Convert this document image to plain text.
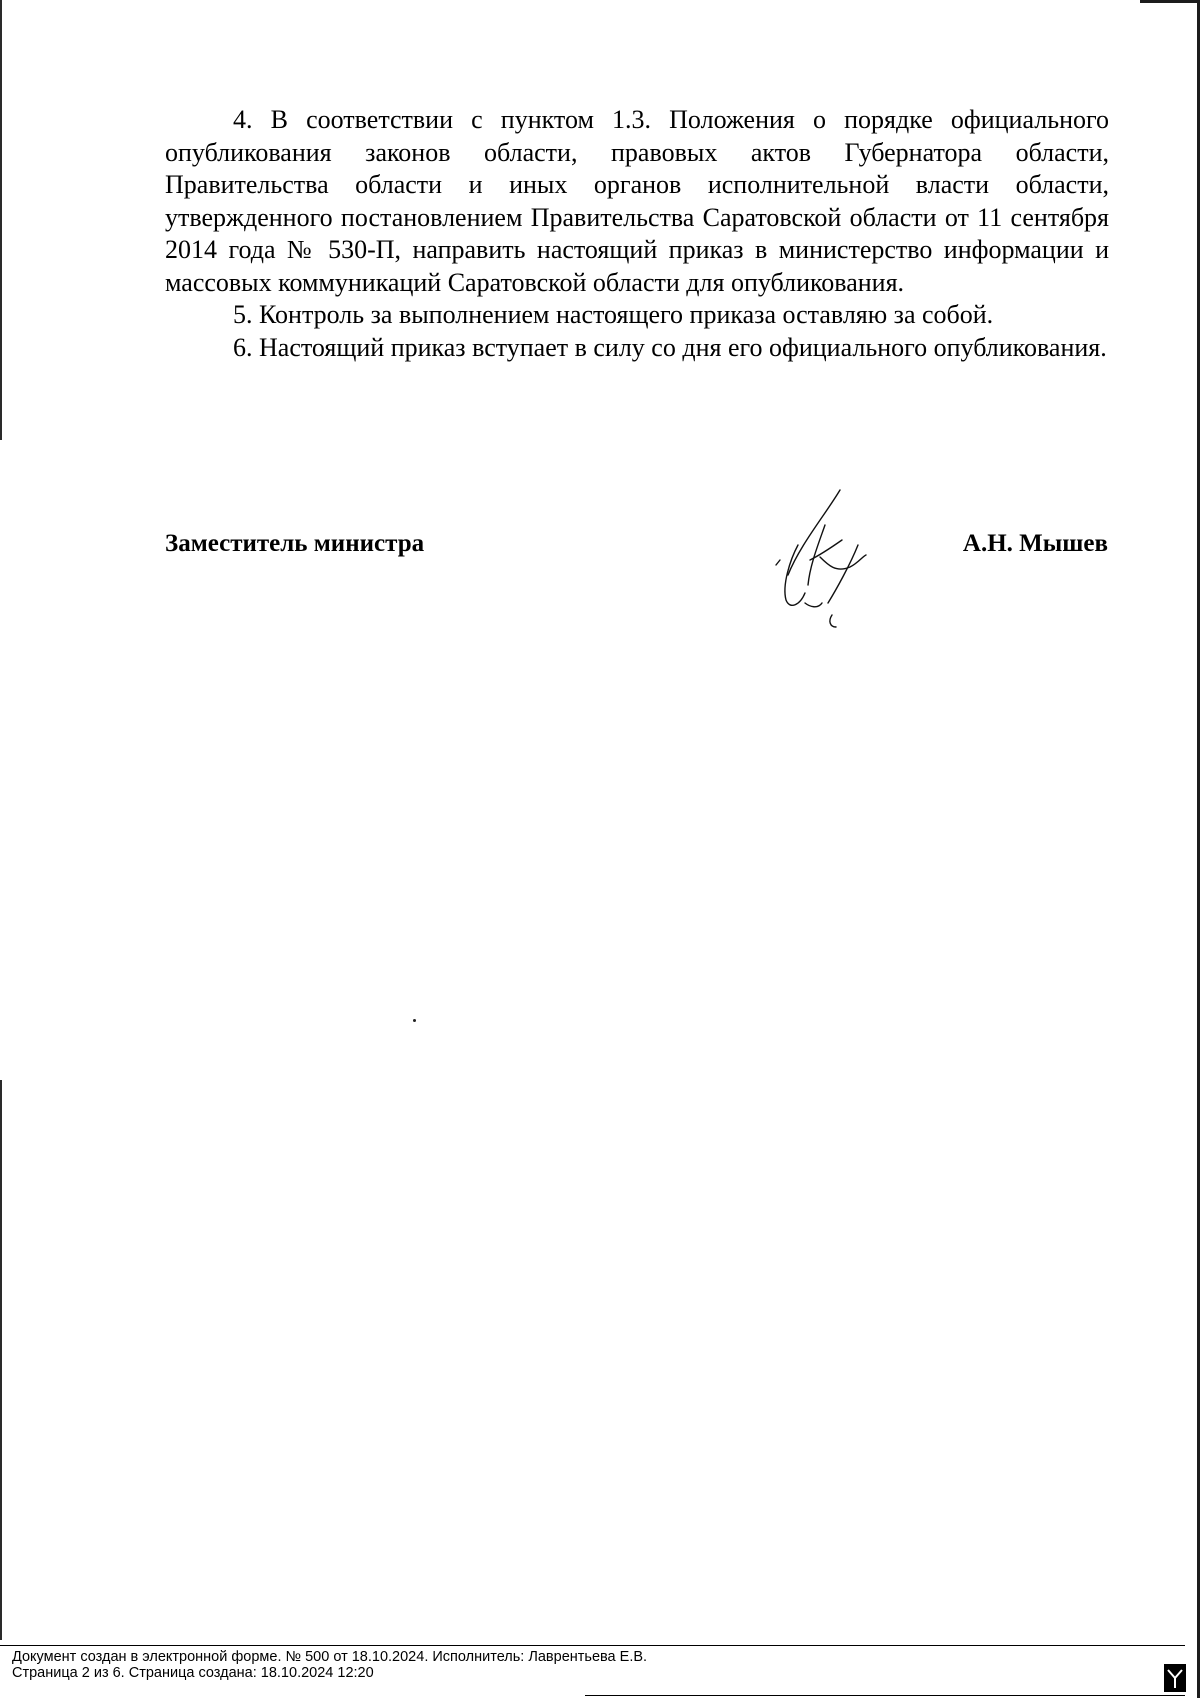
4. В соответствии с пунктом 1.3. Положения о порядке официального опубликования законов области, правовых актов Губернатора области, Правительства области и иных органов исполнительной власти области, утвержденного постановлением Правительства Саратовской области от 11 сентября 2014 года № 530-П, направить настоящий приказ в министерство информации и массовых коммуникаций Саратовской области для опубликования.

5. Контроль за выполнением настоящего приказа оставляю за собой.

6. Настоящий приказ вступает в силу со дня его официального опубликования.

Заместитель министра	А.Н. Мышев
Документ создан в электронной форме. № 500 от 18.10.2024. Исполнитель: Лаврентьева Е.В.
Страница 2 из 6. Страница создана: 18.10.2024 12:20
